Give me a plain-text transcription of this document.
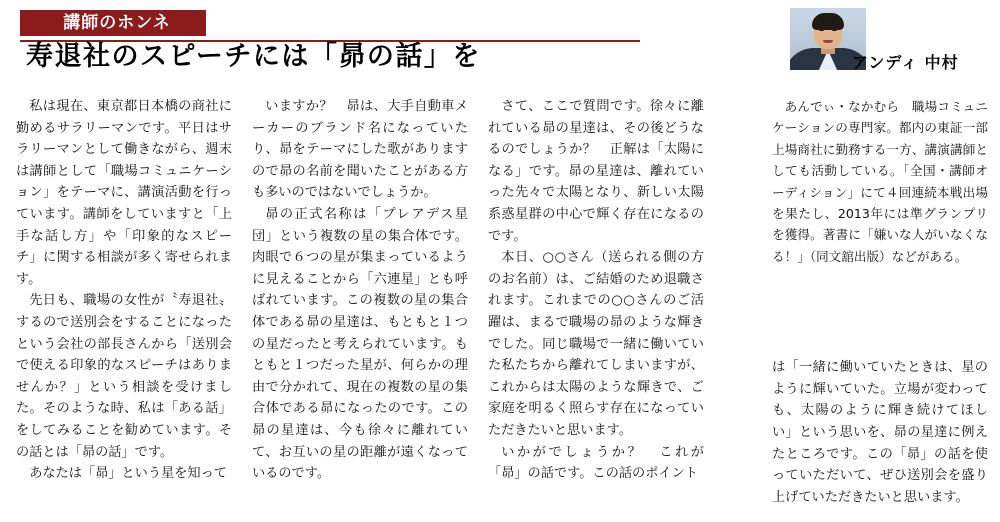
講師のホンネ
寿退社のスピーチには「昴の話」を	アンディ 中村

私は現在、東京都日本橋の商社に勤めるサラリーマンです。平日はサラリーマンとして働きながら、週末は講師として「職場コミュニケーション」をテーマに、講演活動を行っています。講師をしていますと「上手な話し方」や「印象的なスピーチ」に関する相談が多く寄せられます。

先日も、職場の女性が〝寿退社〟するので送別会をすることになったという会社の部長さんから「送別会で使える印象的なスピーチはありませんか？」という相談を受けました。そのような時、私は「ある話」をしてみることを勧めています。その話とは「昴の話」です。

あなたは「昴」という星を知って

いますか？　昴は、大手自動車メーカーのブランド名になっていたり、昴をテーマにした歌がありますので昴の名前を聞いたことがある方も多いのではないでしょうか。

昴の正式名称は「プレアデス星団」という複数の星の集合体です。肉眼で６つの星が集まっているように見えることから「六連星」とも呼ばれています。この複数の星の集合体である昴の星達は、もともと１つの星だったと考えられています。もともと１つだった星が、何らかの理由で分かれて、現在の複数の星の集合体である昴になったのです。この昴の星達は、今も徐々に離れていて、お互いの星の距離が遠くなっているのです。

さて、ここで質問です。徐々に離れている昴の星達は、その後どうなるのでしょうか？　正解は「太陽になる」です。昴の星達は、離れていった先々で太陽となり、新しい太陽系惑星群の中心で輝く存在になるのです。

本日、○○さん（送られる側の方のお名前）は、ご結婚のため退職されます。これまでの○○さんのご活躍は、まるで職場の昴のような輝きでした。同じ職場で一緒に働いていた私たちから離れてしまいますが、これからは太陽のような輝きで、ご家庭を明るく照らす存在になっていただきたいと思います。

いかがでしょうか？　これが「昴」の話です。この話のポイント

あんでぃ・なかむら　職場コミュニケーションの専門家。都内の東証一部上場商社に勤務する一方、講演講師としても活動している。「全国・講師オーディション」にて４回連続本戦出場を果たし、2013年には準グランプリを獲得。著書に「嫌いな人がいなくなる！」（同文舘出版）などがある。

は「一緒に働いていたときは、星のように輝いていた。立場が変わっても、太陽のように輝き続けてほしい」という思いを、昴の星達に例えたところです。この「昴」の話を使っていただいて、ぜひ送別会を盛り上げていただきたいと思います。
